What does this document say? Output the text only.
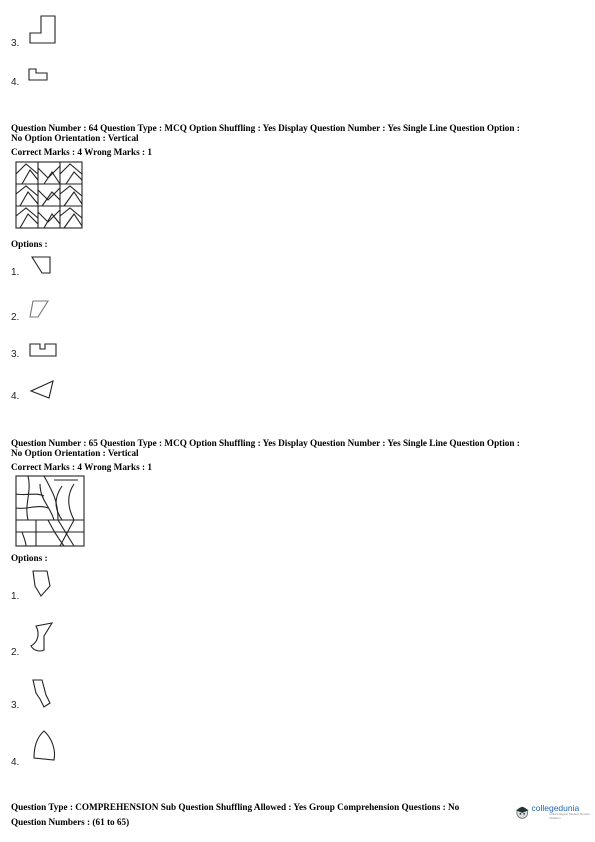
3.
4.
Question Number : 64 Question Type : MCQ Option Shuffling : Yes Display Question Number : Yes Single Line Question Option :
No Option Orientation : Vertical
Correct Marks : 4 Wrong Marks : 1
Options :
1.
2.
3.
4.
Question Number : 65 Question Type : MCQ Option Shuffling : Yes Display Question Number : Yes Single Line Question Option :
No Option Orientation : Vertical
Correct Marks : 4 Wrong Marks : 1
Options :
1.
2.
3.
4.
Question Type : COMPREHENSION Sub Question Shuffling Allowed : Yes Group Comprehension Questions : No
Question Numbers : (61 to 65)
collegedunia
India's largest Student Review Platform
